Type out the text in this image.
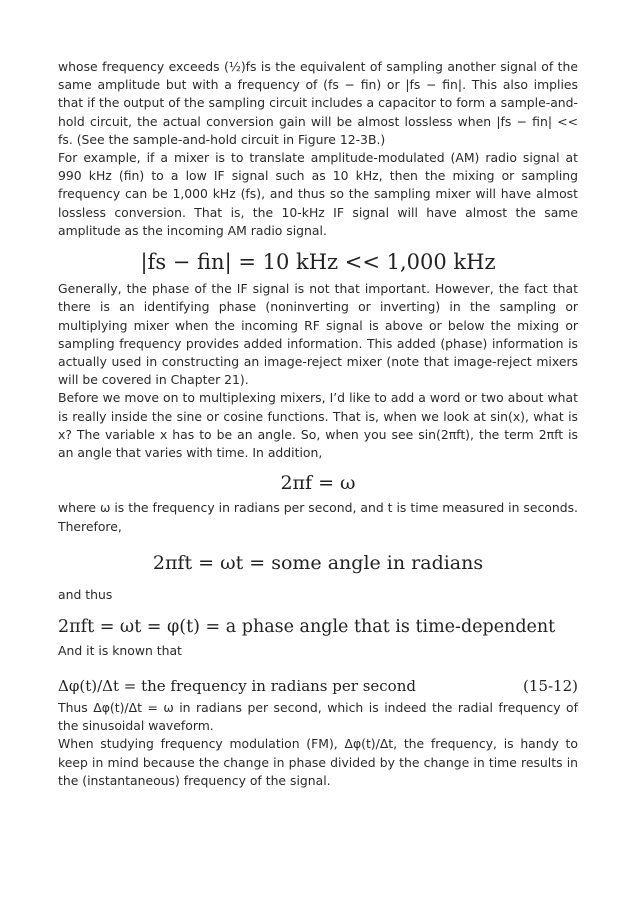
whose frequency exceeds (½)fs is the equivalent of sampling another signal of the same amplitude but with a frequency of (fs − fin) or |fs − fin|. This also implies that if the output of the sampling circuit includes a capacitor to form a sample-and-hold circuit, the actual conversion gain will be almost lossless when |fs − fin| << fs. (See the sample-and-hold circuit in Figure 12-3B.)

For example, if a mixer is to translate amplitude-modulated (AM) radio signal at 990 kHz (fin) to a low IF signal such as 10 kHz, then the mixing or sampling frequency can be 1,000 kHz (fs), and thus so the sampling mixer will have almost lossless conversion. That is, the 10-kHz IF signal will have almost the same amplitude as the incoming AM radio signal.

|fs − fin| = 10 kHz << 1,000 kHz

Generally, the phase of the IF signal is not that important. However, the fact that there is an identifying phase (noninverting or inverting) in the sampling or multiplying mixer when the incoming RF signal is above or below the mixing or sampling frequency provides added information. This added (phase) information is actually used in constructing an image-reject mixer (note that image-reject mixers will be covered in Chapter 21).

Before we move on to multiplexing mixers, I’d like to add a word or two about what is really inside the sine or cosine functions. That is, when we look at sin(x), what is x? The variable x has to be an angle. So, when you see sin(2πft), the term 2πft is an angle that varies with time. In addition,

2πf = ω

where ω is the frequency in radians per second, and t is time measured in seconds. Therefore,

2πft = ωt = some angle in radians

and thus

2πft = ωt = φ(t) = a phase angle that is time-dependent

And it is known that

Δφ(t)/Δt = the frequency in radians per second	(15-12)

Thus Δφ(t)/Δt = ω in radians per second, which is indeed the radial frequency of the sinusoidal waveform.

When studying frequency modulation (FM), Δφ(t)/Δt, the frequency, is handy to keep in mind because the change in phase divided by the change in time results in the (instantaneous) frequency of the signal.
